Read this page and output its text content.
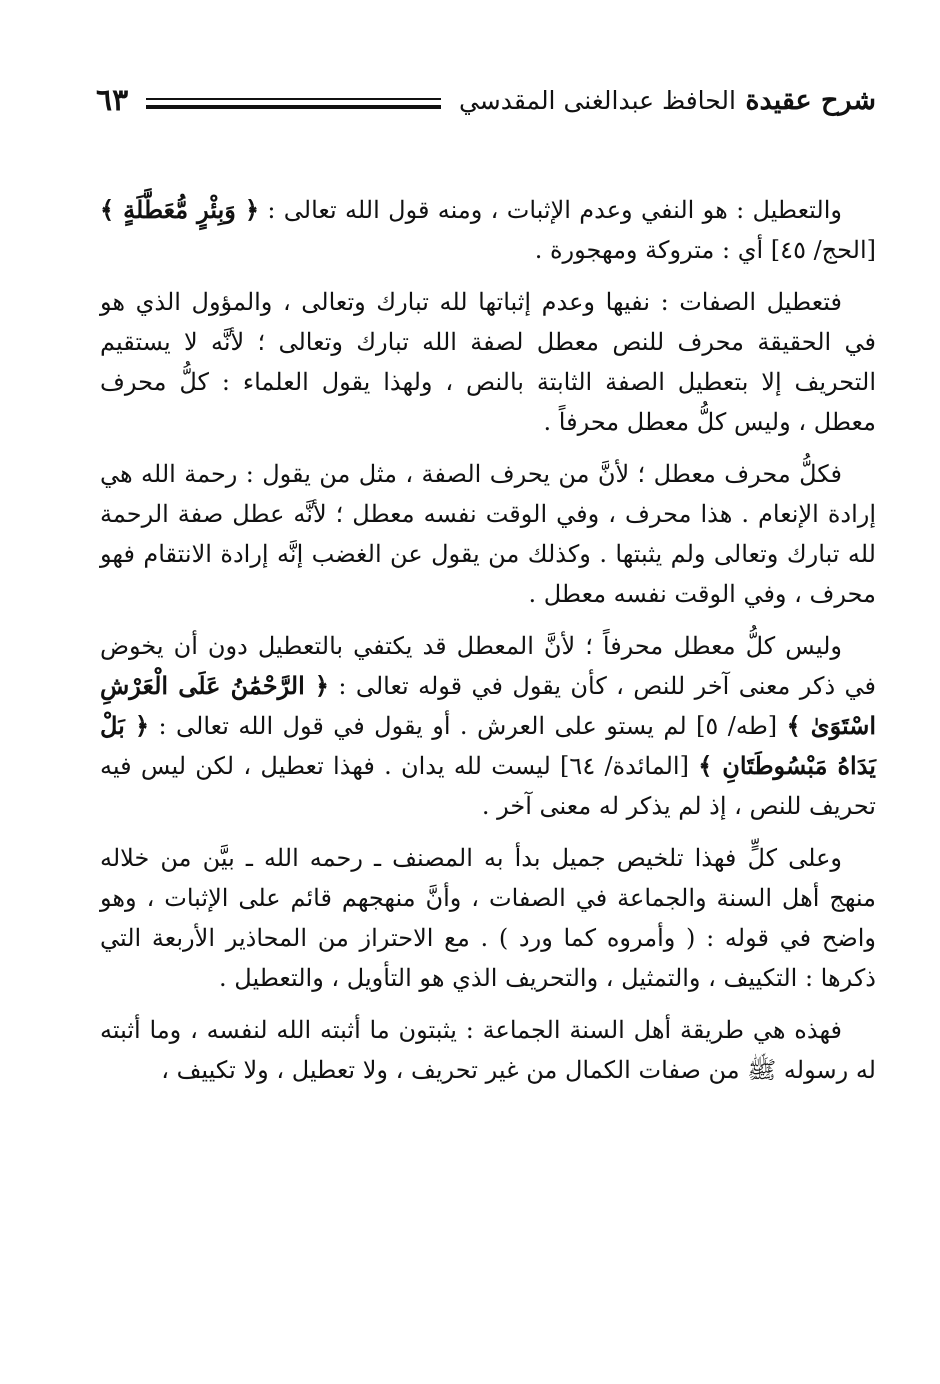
شرح عقيدة الحافظ عبدالغنى المقدسي
٦٣

والتعطيل : هو النفي وعدم الإثبات ، ومنه قول الله تعالى : ﴿ وَبِئْرٍ مُّعَطَّلَةٍ ﴾[الحج/ ٤٥] أي : متروكة ومهجورة .

فتعطيل الصفات : نفيها وعدم إثباتها لله تبارك وتعالى ، والمؤول الذي هو في الحقيقة محرف للنص معطل لصفة الله تبارك وتعالى ؛ لأنَّه لا يستقيم التحريف إلا بتعطيل الصفة الثابتة بالنص ، ولهذا يقول العلماء : كلُّ محرف معطل ، وليس كلُّ معطل محرفاً .

فكلُّ محرف معطل ؛ لأنَّ من يحرف الصفة ، مثل من يقول : رحمة الله هي إرادة الإنعام . هذا محرف ، وفي الوقت نفسه معطل ؛ لأنَّه عطل صفة الرحمة لله تبارك وتعالى ولم يثبتها . وكذلك من يقول عن الغضب إنَّه إرادة الانتقام فهو محرف ، وفي الوقت نفسه معطل .

وليس كلُّ معطل محرفاً ؛ لأنَّ المعطل قد يكتفي بالتعطيل دون أن يخوض في ذكر معنى آخر للنص ، كأن يقول في قوله تعالى : ﴿ الرَّحْمَٰنُ عَلَى الْعَرْشِ اسْتَوَىٰ ﴾ [طه/ ٥] لم يستو على العرش . أو يقول في قول الله تعالى : ﴿ بَلْ يَدَاهُ مَبْسُوطَتَانِ ﴾ [المائدة/ ٦٤] ليست لله يدان . فهذا تعطيل ، لكن ليس فيه تحريف للنص ، إذ لم يذكر له معنى آخر .

وعلى كلٍّ فهذا تلخيص جميل بدأ به المصنف ـ رحمه الله ـ بيَّن من خلاله منهج أهل السنة والجماعة في الصفات ، وأنَّ منهجهم قائم على الإثبات ، وهو واضح في قوله : ( وأمروه كما ورد ) . مع الاحتراز من المحاذير الأربعة التي ذكرها : التكييف ، والتمثيل ، والتحريف الذي هو التأويل ، والتعطيل .

فهذه هي طريقة أهل السنة الجماعة : يثبتون ما أثبته الله لنفسه ، وما أثبته له رسوله ﷺ من صفات الكمال من غير تحريف ، ولا تعطيل ، ولا تكييف ،
